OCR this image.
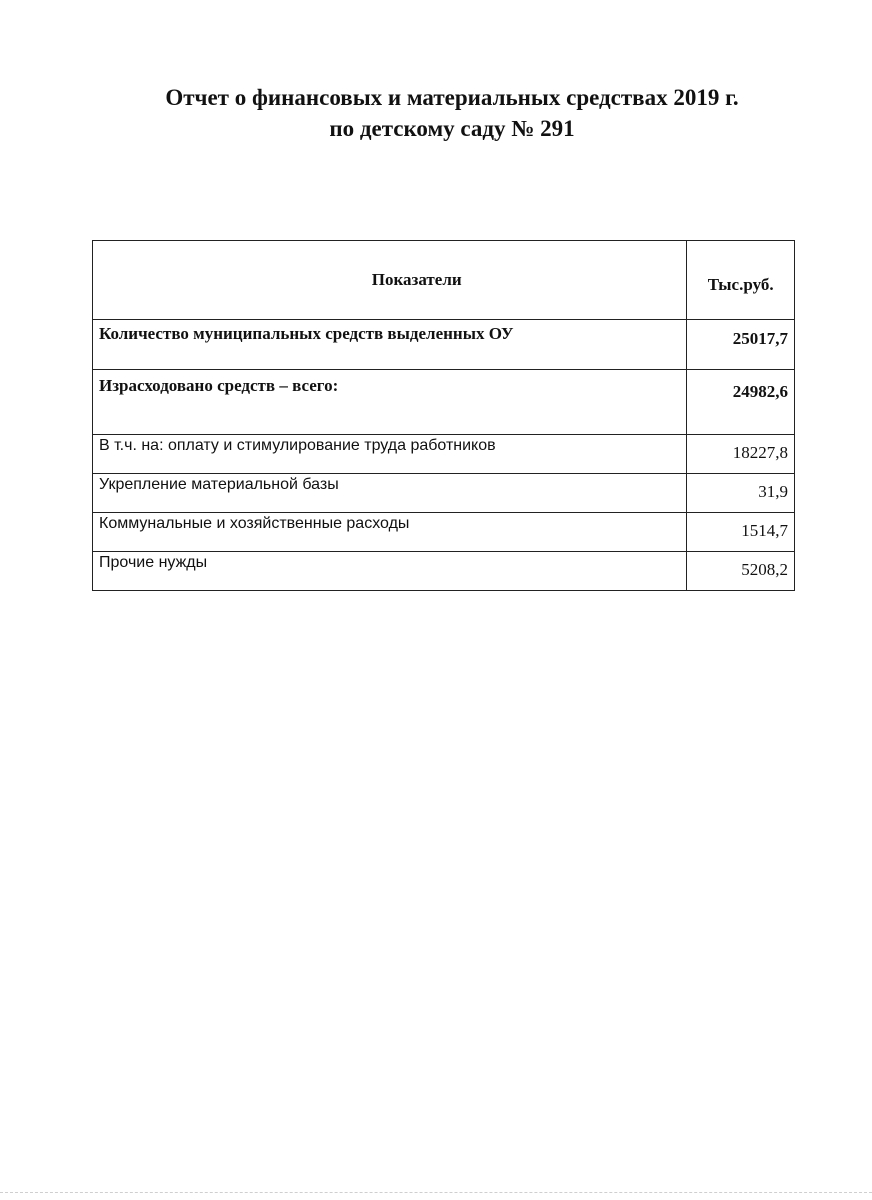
Отчет о финансовых и материальных средствах 2019 г.
по детскому саду № 291
Показатели	Тыс.руб.
Количество муниципальных средств выделенных ОУ	25017,7
Израсходовано средств – всего:	24982,6
В т.ч. на: оплату и стимулирование труда работников	18227,8
Укрепление материальной базы	31,9
Коммунальные и хозяйственные расходы	1514,7
Прочие нужды	5208,2
